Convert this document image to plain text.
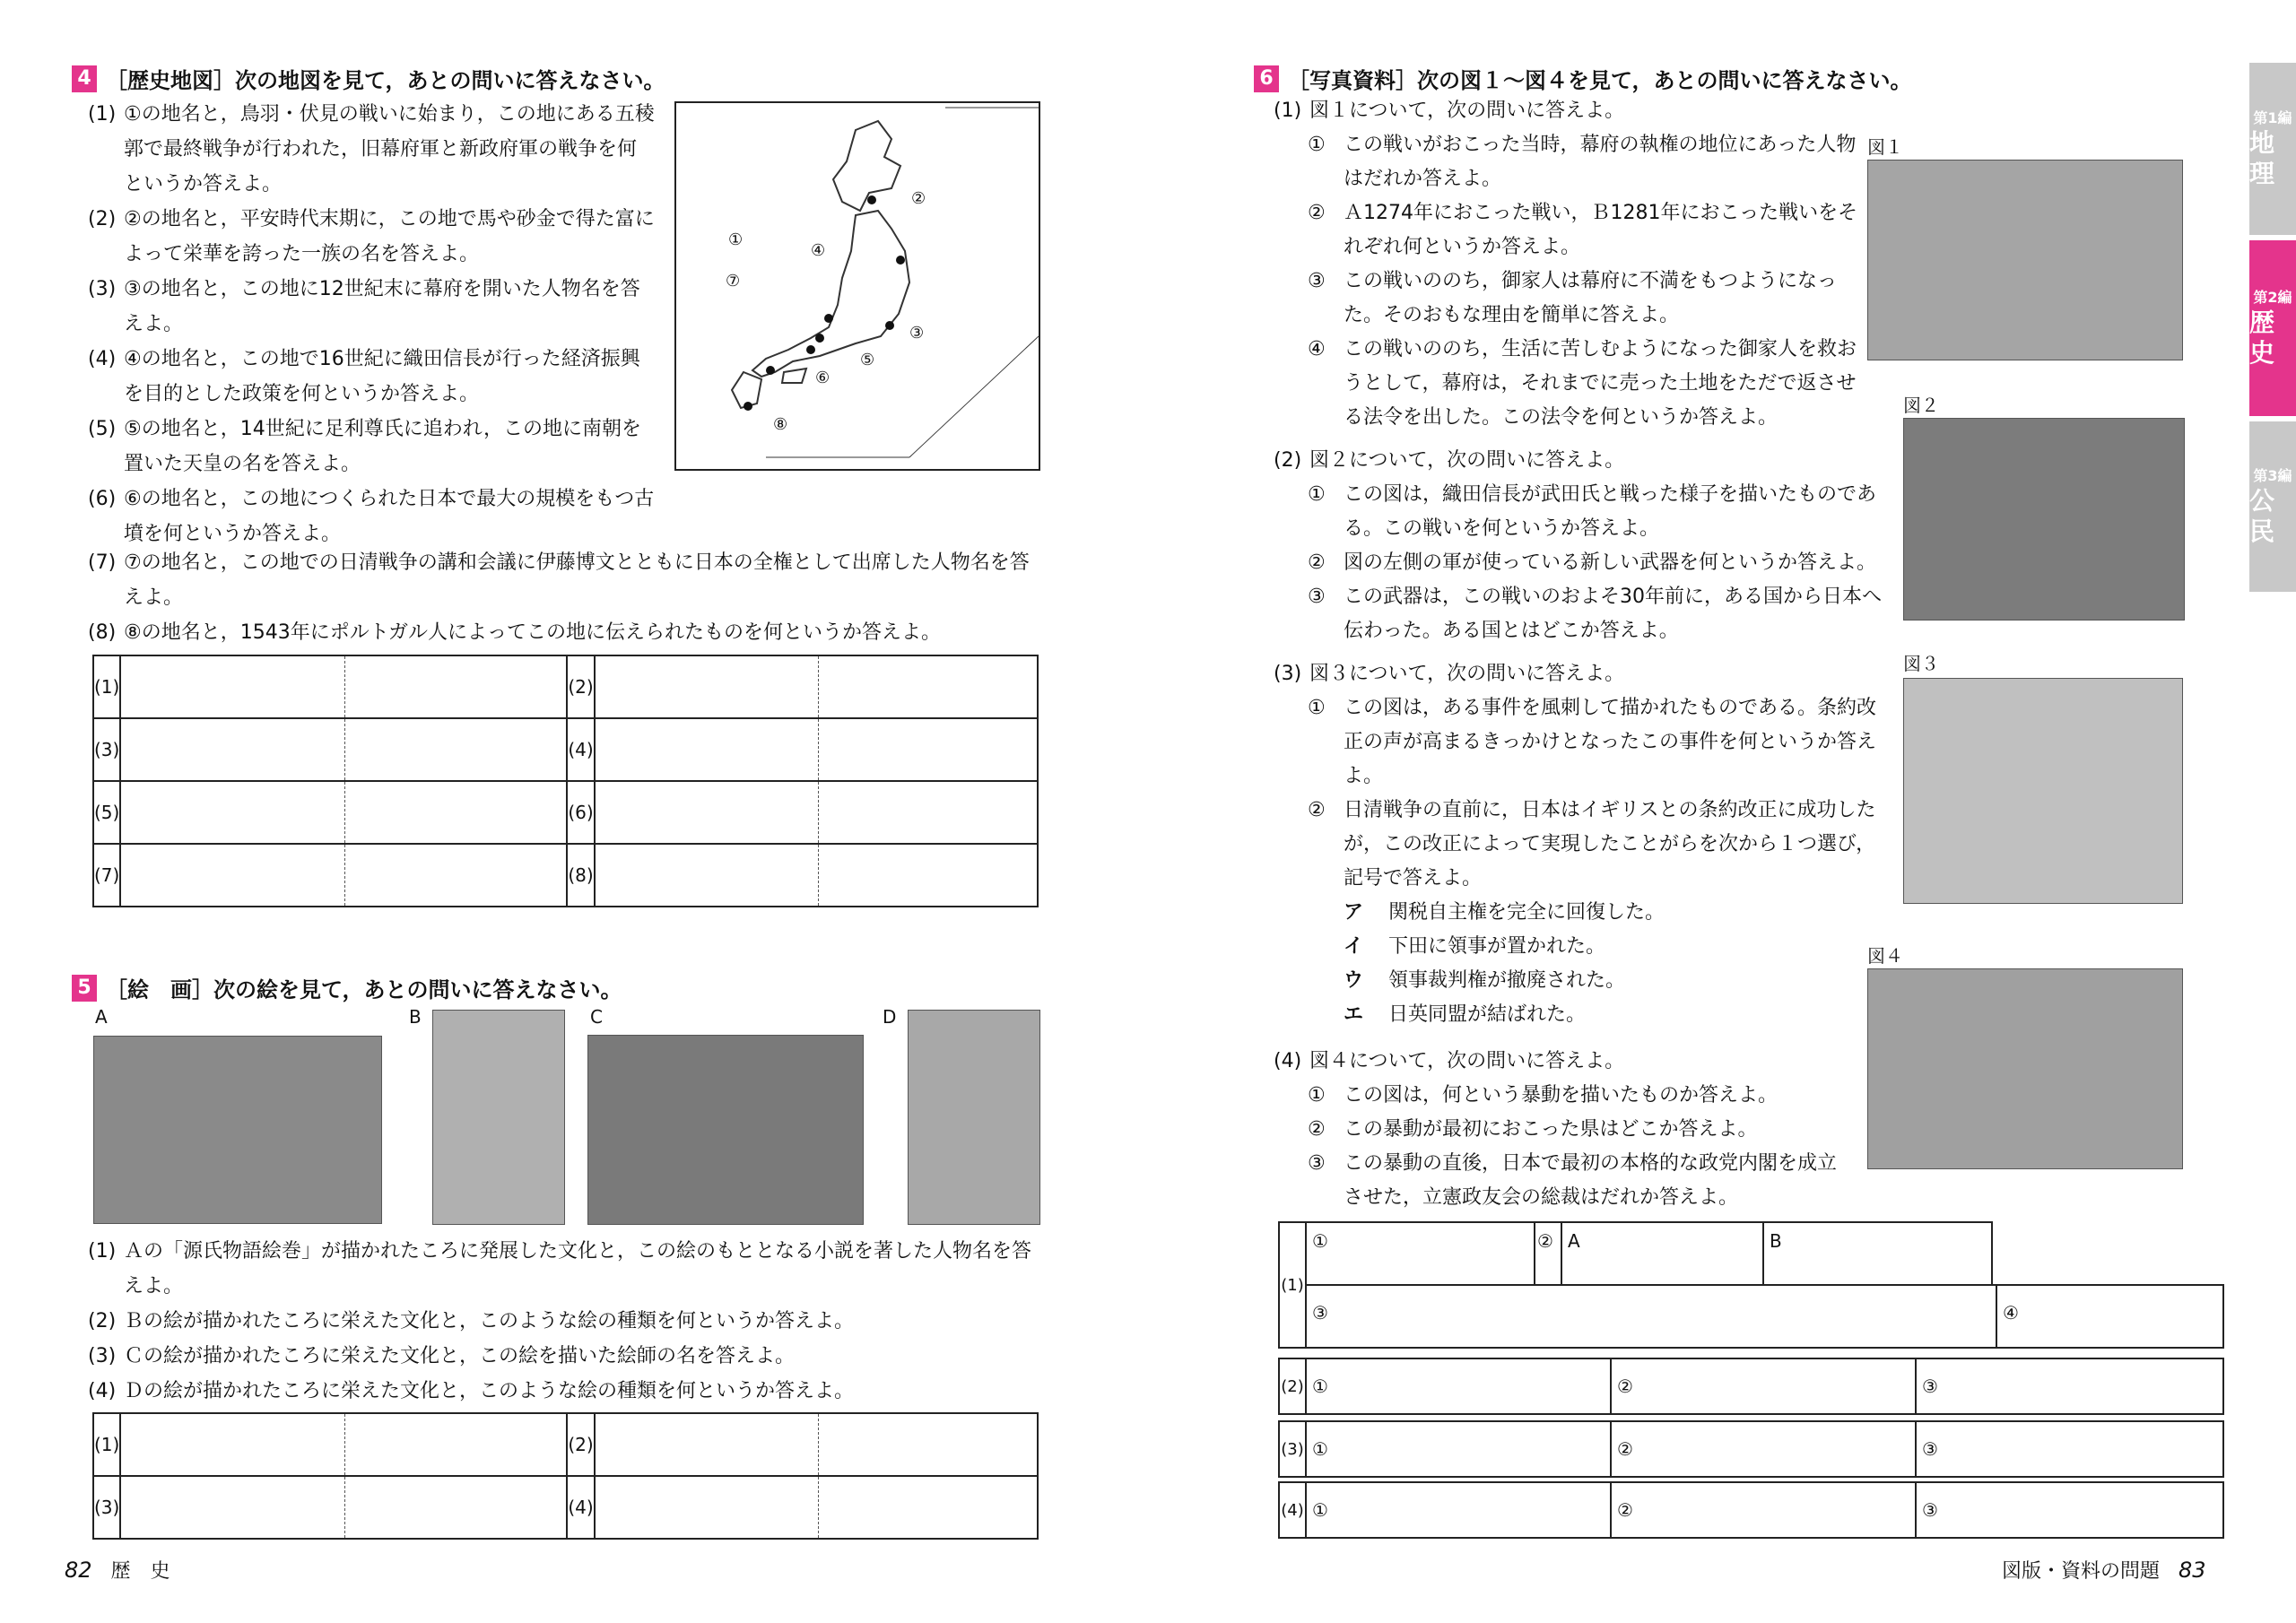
4 ［歴史地図］次の地図を見て，あとの問いに答えなさい。
(1) ①の地名と，鳥羽・伏見の戦いに始まり，この地にある五稜郭で最終戦争が行われた，旧幕府軍と新政府軍の戦争を何というか答えよ。
(2) ②の地名と，平安時代末期に，この地で馬や砂金で得た富によって栄華を誇った一族の名を答えよ。
(3) ③の地名と，この地に12世紀末に幕府を開いた人物名を答えよ。
(4) ④の地名と，この地で16世紀に織田信長が行った経済振興を目的とした政策を何というか答えよ。
(5) ⑤の地名と，14世紀に足利尊氏に追われ，この地に南朝を置いた天皇の名を答えよ。
(6) ⑥の地名と，この地につくられた日本で最大の規模をもつ古墳を何というか答えよ。
(7) ⑦の地名と，この地での日清戦争の講和会議に伊藤博文とともに日本の全権として出席した人物名を答えよ。
(8) ⑧の地名と，1543年にポルトガル人によってこの地に伝えられたものを何というか答えよ。
①
②
③
④
⑤
⑥
⑦
⑧
(1)			(2)		
(3)			(4)		
(5)			(6)		
(7)			(8)		
5 ［絵　画］次の絵を見て，あとの問いに答えなさい。
A	B	C	D
(1) Ａの「源氏物語絵巻」が描かれたころに発展した文化と，この絵のもととなる小説を著した人物名を答えよ。
(2) Ｂの絵が描かれたころに栄えた文化と，このような絵の種類を何というか答えよ。
(3) Ｃの絵が描かれたころに栄えた文化と，この絵を描いた絵師の名を答えよ。
(4) Ｄの絵が描かれたころに栄えた文化と，このような絵の種類を何というか答えよ。
(1)			(2)		
(3)			(4)		
82 歴　史
6 ［写真資料］次の図１～図４を見て，あとの問いに答えなさい。
(1) 図１について，次の問いに答えよ。
① この戦いがおこった当時，幕府の執権の地位にあった人物はだれか答えよ。
② Ａ1274年におこった戦い，Ｂ1281年におこった戦いをそれぞれ何というか答えよ。
③ この戦いののち，御家人は幕府に不満をもつようになった。そのおもな理由を簡単に答えよ。
④ この戦いののち，生活に苦しむようになった御家人を救おうとして，幕府は，それまでに売った土地をただで返させる法令を出した。この法令を何というか答えよ。
(2) 図２について，次の問いに答えよ。
① この図は，織田信長が武田氏と戦った様子を描いたものである。この戦いを何というか答えよ。
② 図の左側の軍が使っている新しい武器を何というか答えよ。
③ この武器は，この戦いのおよそ30年前に，ある国から日本へ伝わった。ある国とはどこか答えよ。
(3) 図３について，次の問いに答えよ。
① この図は，ある事件を風刺して描かれたものである。条約改正の声が高まるきっかけとなったこの事件を何というか答えよ。
② 日清戦争の直前に，日本はイギリスとの条約改正に成功したが，この改正によって実現したことがらを次から１つ選び，記号で答えよ。
ア	関税自主権を完全に回復した。
イ	下田に領事が置かれた。
ウ	領事裁判権が撤廃された。
エ	日英同盟が結ばれた。
(4) 図４について，次の問いに答えよ。
① この図は，何という暴動を描いたものか答えよ。
② この暴動が最初におこった県はどこか答えよ。
③ この暴動の直後，日本で最初の本格的な政党内閣を成立させた，立憲政友会の総裁はだれか答えよ。
図１
図２
図３
図４
(1)
①	② A	B
③	④
(2) ①	②	③
(3) ①	②	③
(4) ①	②	③
第1編
地理
第2編
歴史
第3編
公民
図版・資料の問題 83
